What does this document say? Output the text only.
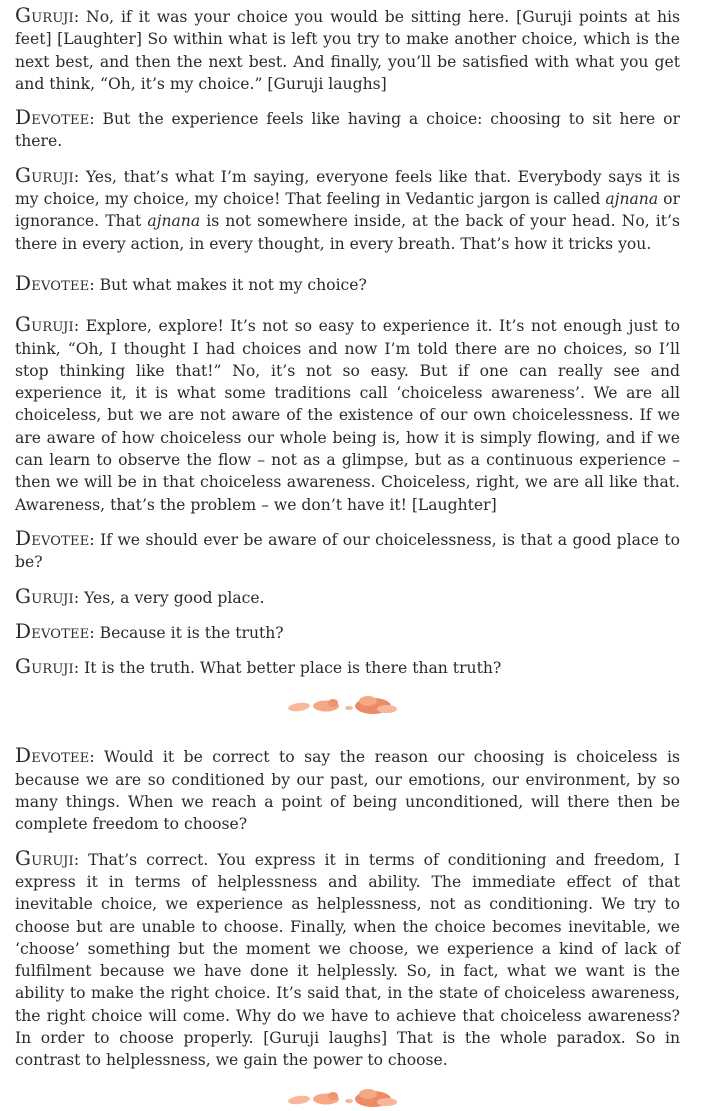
Guruji: No, if it was your choice you would be sitting here. [Guruji points at his feet] [Laughter] So within what is left you try to make another choice, which is the next best, and then the next best. And finally, you’ll be satisfied with what you get and think, “Oh, it’s my choice.” [Guruji laughs]

Devotee: But the experience feels like having a choice: choosing to sit here or there.

Guruji: Yes, that’s what I’m saying, everyone feels like that. Everybody says it is my choice, my choice, my choice! That feeling in Vedantic jargon is called ajnana or ignorance. That ajnana is not somewhere inside, at the back of your head. No, it’s there in every action, in every thought, in every breath. That’s how it tricks you.

Devotee: But what makes it not my choice?

Guruji: Explore, explore! It’s not so easy to experience it. It’s not enough just to think, “Oh, I thought I had choices and now I’m told there are no choices, so I’ll stop thinking like that!” No, it’s not so easy. But if one can really see and experience it, it is what some traditions call ‘choiceless awareness’. We are all choiceless, but we are not aware of the existence of our own choicelessness. If we are aware of how choiceless our whole being is, how it is simply flowing, and if we can learn to observe the flow – not as a glimpse, but as a continuous experience – then we will be in that choiceless awareness. Choiceless, right, we are all like that. Awareness, that’s the problem – we don’t have it! [Laughter]

Devotee: If we should ever be aware of our choicelessness, is that a good place to be?

Guruji: Yes, a very good place.

Devotee: Because it is the truth?

Guruji: It is the truth. What better place is there than truth?

Devotee: Would it be correct to say the reason our choosing is choiceless is because we are so conditioned by our past, our emotions, our environment, by so many things. When we reach a point of being unconditioned, will there then be complete freedom to choose?

Guruji: That’s correct. You express it in terms of conditioning and freedom, I express it in terms of helplessness and ability. The immediate effect of that inevitable choice, we experience as helplessness, not as conditioning. We try to choose but are unable to choose. Finally, when the choice becomes inevitable, we ‘choose’ something but the moment we choose, we experience a kind of lack of fulfilment because we have done it helplessly. So, in fact, what we want is the ability to make the right choice. It’s said that, in the state of choiceless awareness, the right choice will come. Why do we have to achieve that choiceless awareness? In order to choose properly. [Guruji laughs] That is the whole paradox. So in contrast to helplessness, we gain the power to choose.
